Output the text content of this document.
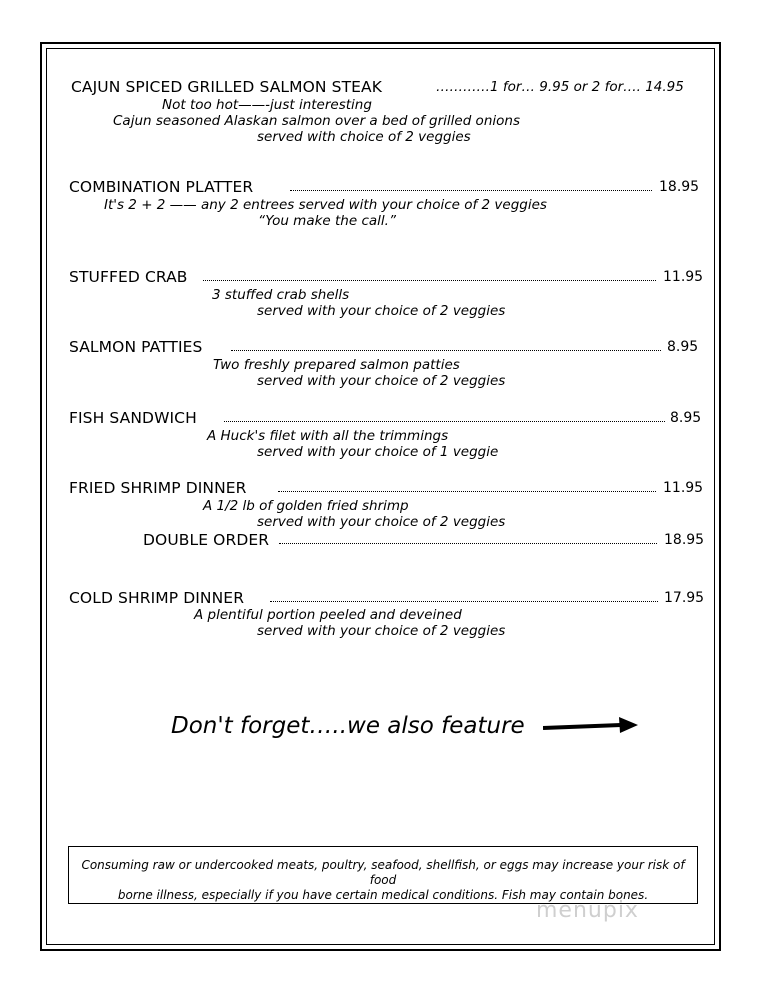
CAJUN SPICED GRILLED SALMON STEAK	…………1 for… 9.95 or 2 for…. 14.95
Not too hot——-just interesting
Cajun seasoned Alaskan salmon over a bed of grilled onions
served with choice of 2 veggies
COMBINATION PLATTER	18.95
It's 2 + 2 —— any 2 entrees served with your choice of 2 veggies
“You make the call.”
STUFFED CRAB	11.95
3 stuffed crab shells
served with your choice of 2 veggies
SALMON PATTIES	8.95
Two freshly prepared salmon patties
served with your choice of 2 veggies
FISH SANDWICH	8.95
A Huck's filet with all the trimmings
served with your choice of 1 veggie
FRIED SHRIMP DINNER	11.95
A 1/2 lb of golden fried shrimp
served with your choice of 2 veggies
DOUBLE ORDER	18.95
COLD SHRIMP DINNER	17.95
A plentiful portion peeled and deveined
served with your choice of 2 veggies
Don't forget…..we also feature
Consuming raw or undercooked meats, poultry, seafood, shellfish, or eggs may increase your risk of food
borne illness, especially if you have certain medical conditions. Fish may contain bones.
menupix
